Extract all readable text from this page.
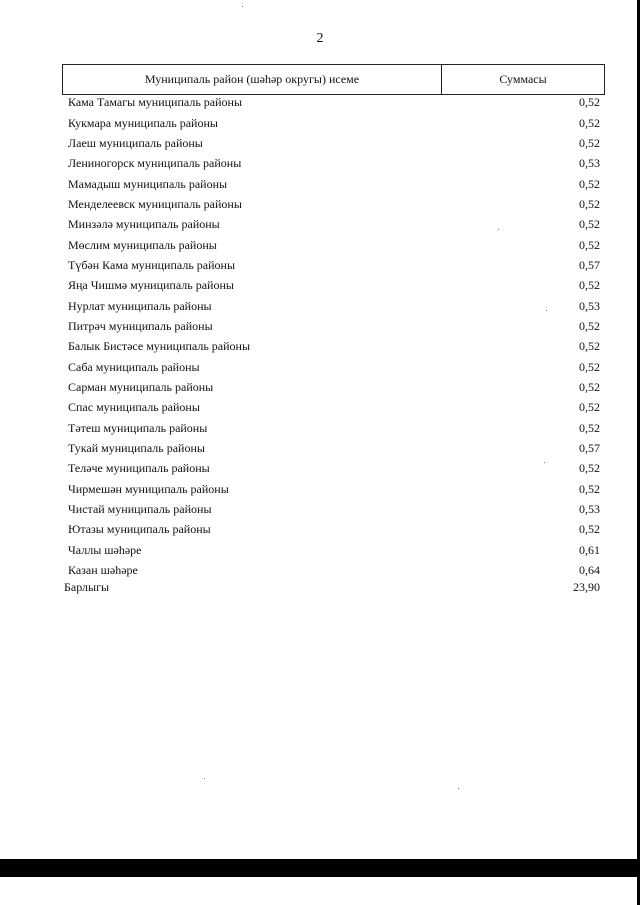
2
Муниципаль район (шәһәр округы) исеме	Суммасы
Кама Тамагы муниципаль районы	0,52
Кукмара муниципаль районы	0,52
Лаеш муниципаль районы	0,52
Лениногорск муниципаль районы	0,53
Мамадыш муниципаль районы	0,52
Менделеевск муниципаль районы	0,52
Минзәлә муниципаль районы	0,52
Мөслим муниципаль районы	0,52
Түбән Кама муниципаль районы	0,57
Яңа Чишмә муниципаль районы	0,52
Нурлат муниципаль районы	0,53
Питрәч муниципаль районы	0,52
Балык Бистәсе муниципаль районы	0,52
Саба муниципаль районы	0,52
Сарман муниципаль районы	0,52
Спас муниципаль районы	0,52
Тәтеш муниципаль районы	0,52
Тукай муниципаль районы	0,57
Теләче муниципаль районы	0,52
Чирмешән муниципаль районы	0,52
Чистай муниципаль районы	0,53
Ютазы муниципаль районы	0,52
Чаллы шәһәре	0,61
Казан шәһәре	0,64
Барлыгы	23,90
